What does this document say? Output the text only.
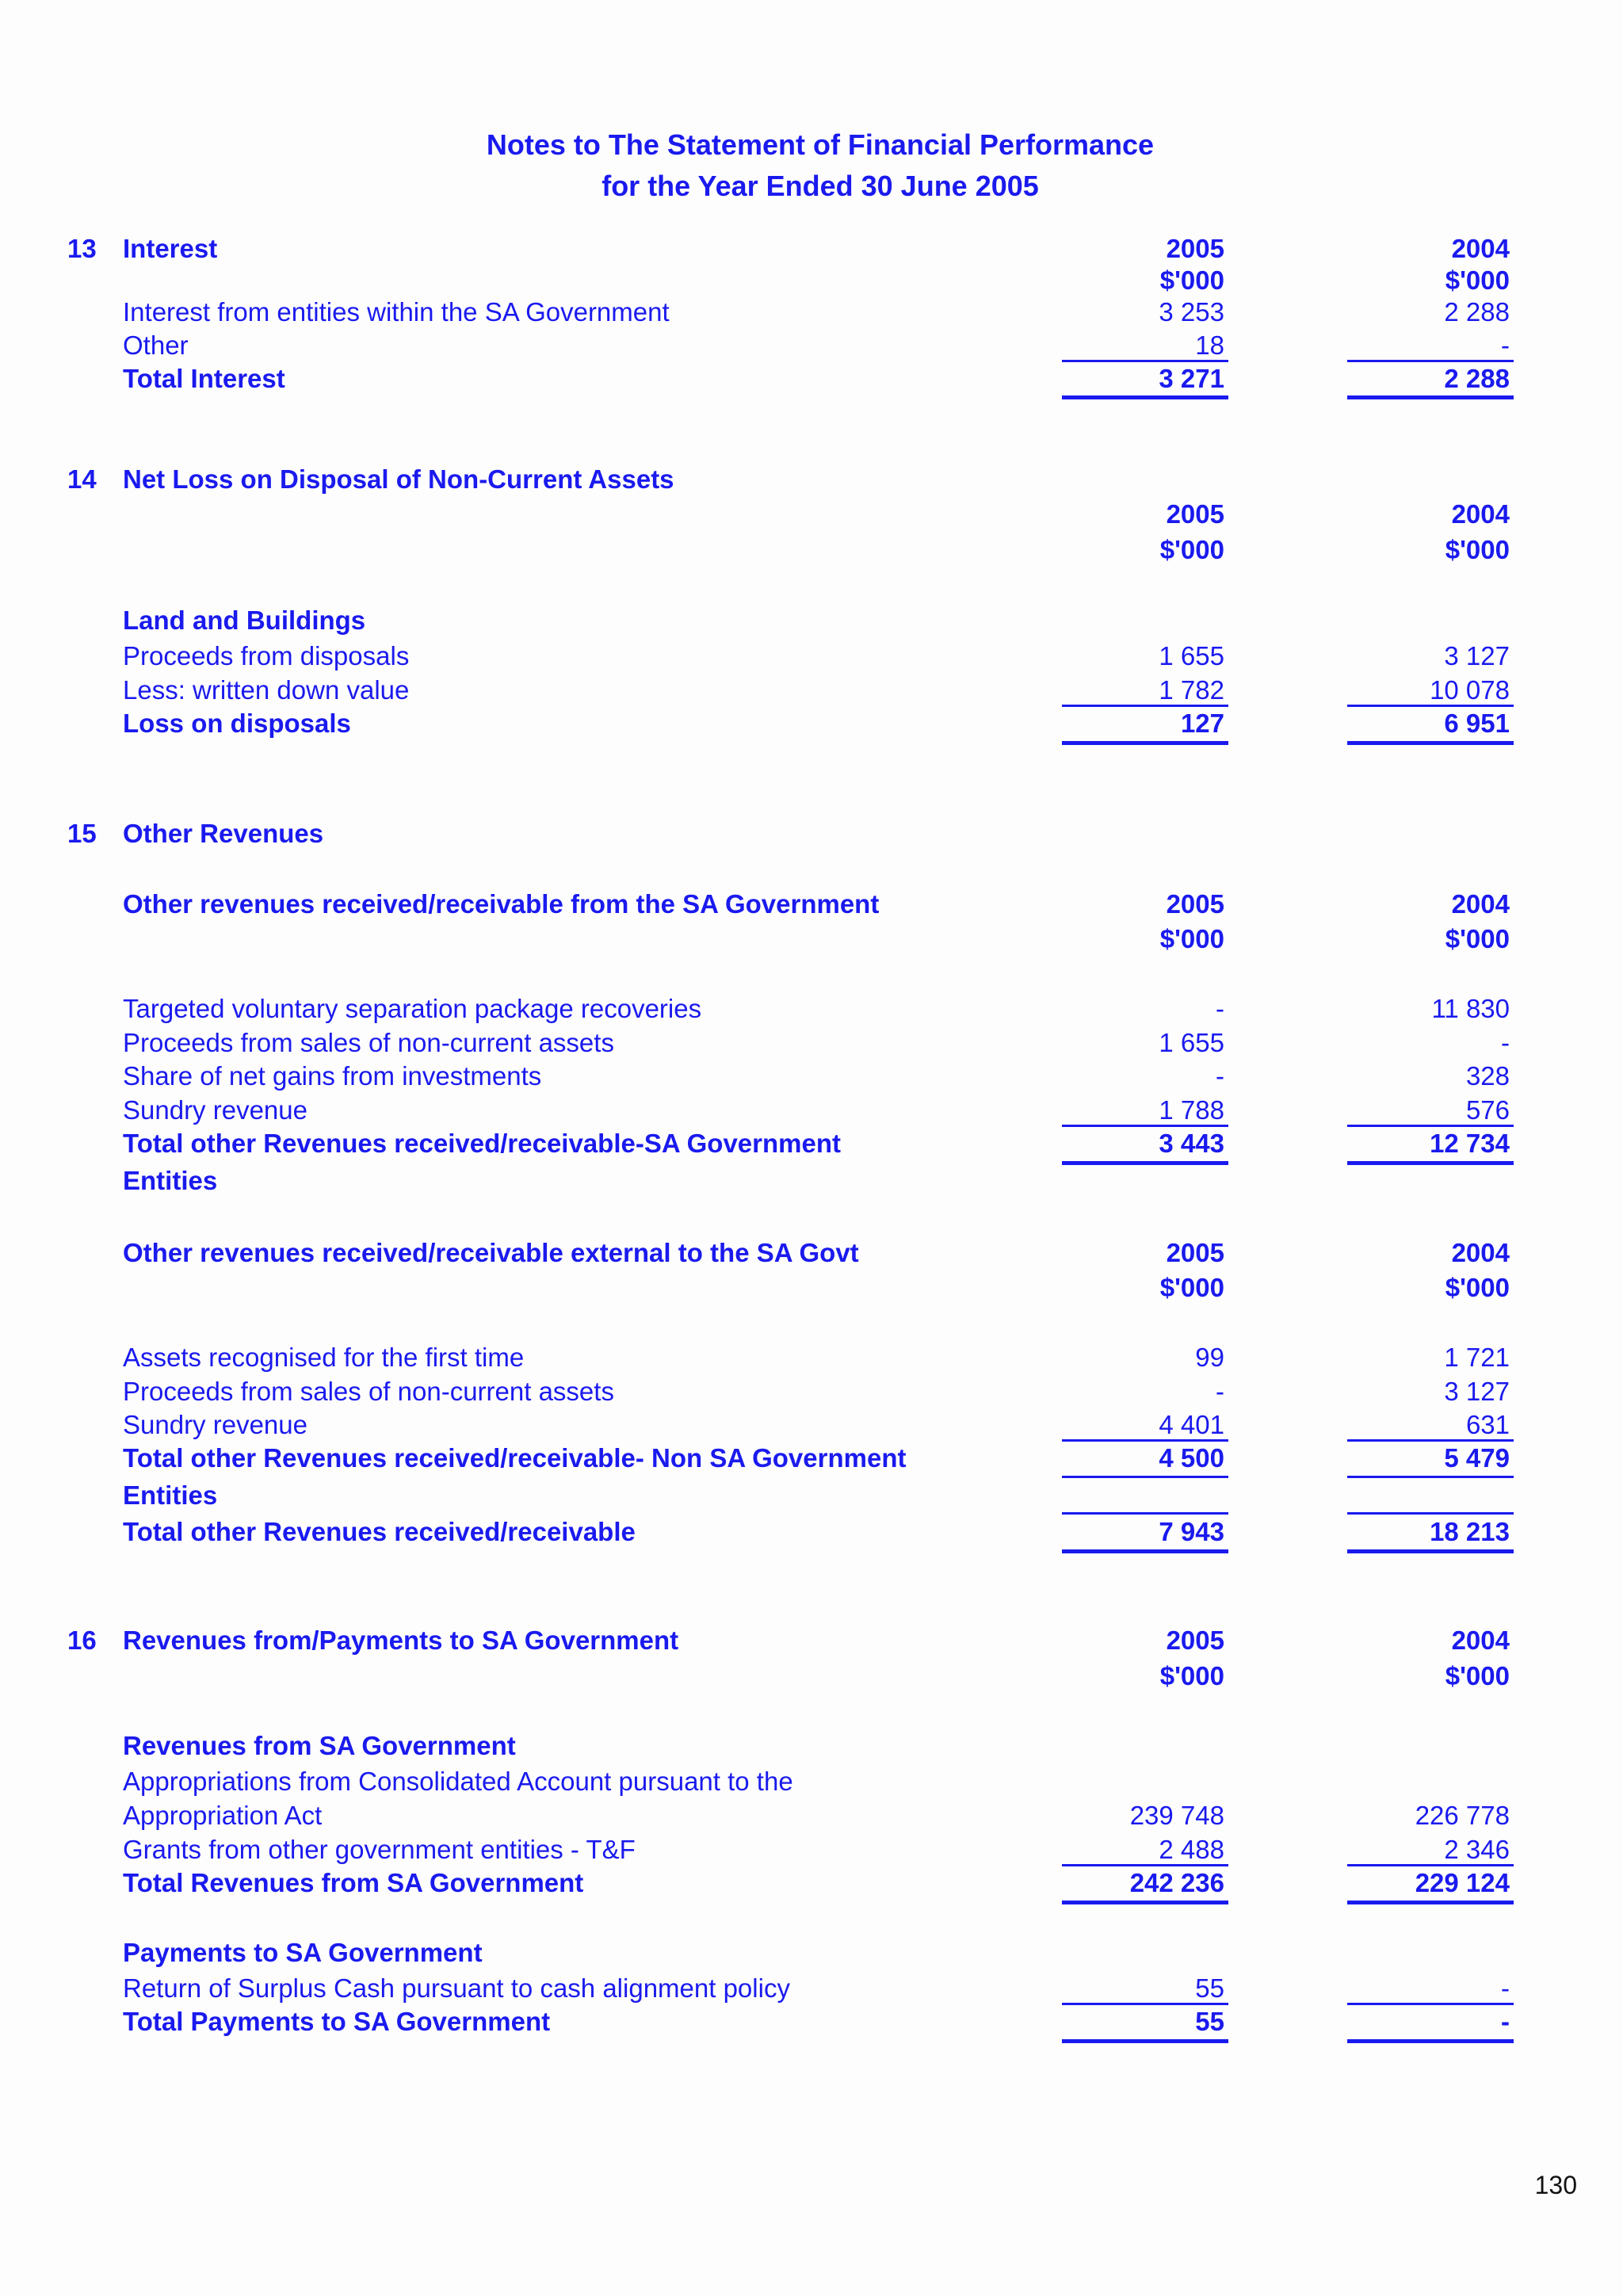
Notes to The Statement of Financial Performance
for the Year Ended 30 June 2005
13 Interest	2005	2004
$'000	$'000
Interest from entities within the SA Government	3 253	2 288
Other	18	-
Total Interest	3 271	2 288
14 Net Loss on Disposal of Non-Current Assets
2005	2004
$'000	$'000
Land and Buildings
Proceeds from disposals	1 655	3 127
Less: written down value	1 782	10 078
Loss on disposals	127	6 951
15 Other Revenues
Other revenues received/receivable from the SA Government	2005	2004
$'000	$'000
Targeted voluntary separation package recoveries	-	11 830
Proceeds from sales of non-current assets	1 655	-
Share of net gains from investments	-	328
Sundry revenue	1 788	576
Total other Revenues received/receivable-SA Government	3 443	12 734
Entities
Other revenues received/receivable external to the SA Govt	2005	2004
$'000	$'000
Assets recognised for the first time	99	1 721
Proceeds from sales of non-current assets	-	3 127
Sundry revenue	4 401	631
Total other Revenues received/receivable- Non SA Government	4 500	5 479
Entities
Total other Revenues received/receivable	7 943	18 213
16 Revenues from/Payments to SA Government	2005	2004
$'000	$'000
Revenues from SA Government
Appropriations from Consolidated Account pursuant to the
Appropriation Act	239 748	226 778
Grants from other government entities - T&F	2 488	2 346
Total Revenues from SA Government	242 236	229 124
Payments to SA Government
Return of Surplus Cash pursuant to cash alignment policy	55	-
Total Payments to SA Government	55	-
130
